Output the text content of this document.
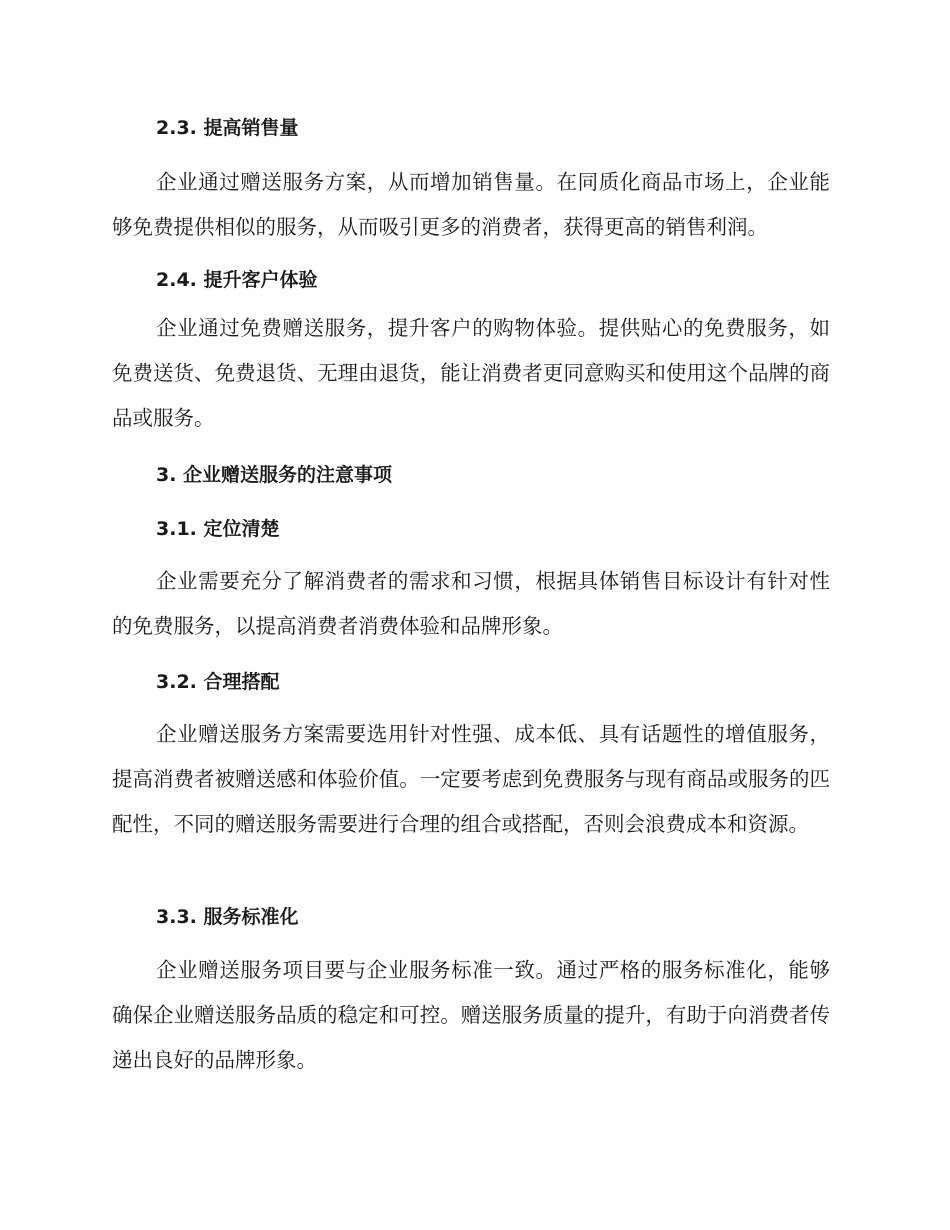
2.3. 提高销售量
企业通过赠送服务方案，从而增加销售量。在同质化商品市场上，企业能够免费提供相似的服务，从而吸引更多的消费者，获得更高的销售利润。
2.4. 提升客户体验
企业通过免费赠送服务，提升客户的购物体验。提供贴心的免费服务，如免费送货、免费退货、无理由退货，能让消费者更同意购买和使用这个品牌的商品或服务。
3. 企业赠送服务的注意事项
3.1. 定位清楚
企业需要充分了解消费者的需求和习惯，根据具体销售目标设计有针对性的免费服务，以提高消费者消费体验和品牌形象。
3.2. 合理搭配
企业赠送服务方案需要选用针对性强、成本低、具有话题性的增值服务，提高消费者被赠送感和体验价值。一定要考虑到免费服务与现有商品或服务的匹配性，不同的赠送服务需要进行合理的组合或搭配，否则会浪费成本和资源。
3.3. 服务标准化
企业赠送服务项目要与企业服务标准一致。通过严格的服务标准化，能够确保企业赠送服务品质的稳定和可控。赠送服务质量的提升，有助于向消费者传递出良好的品牌形象。
